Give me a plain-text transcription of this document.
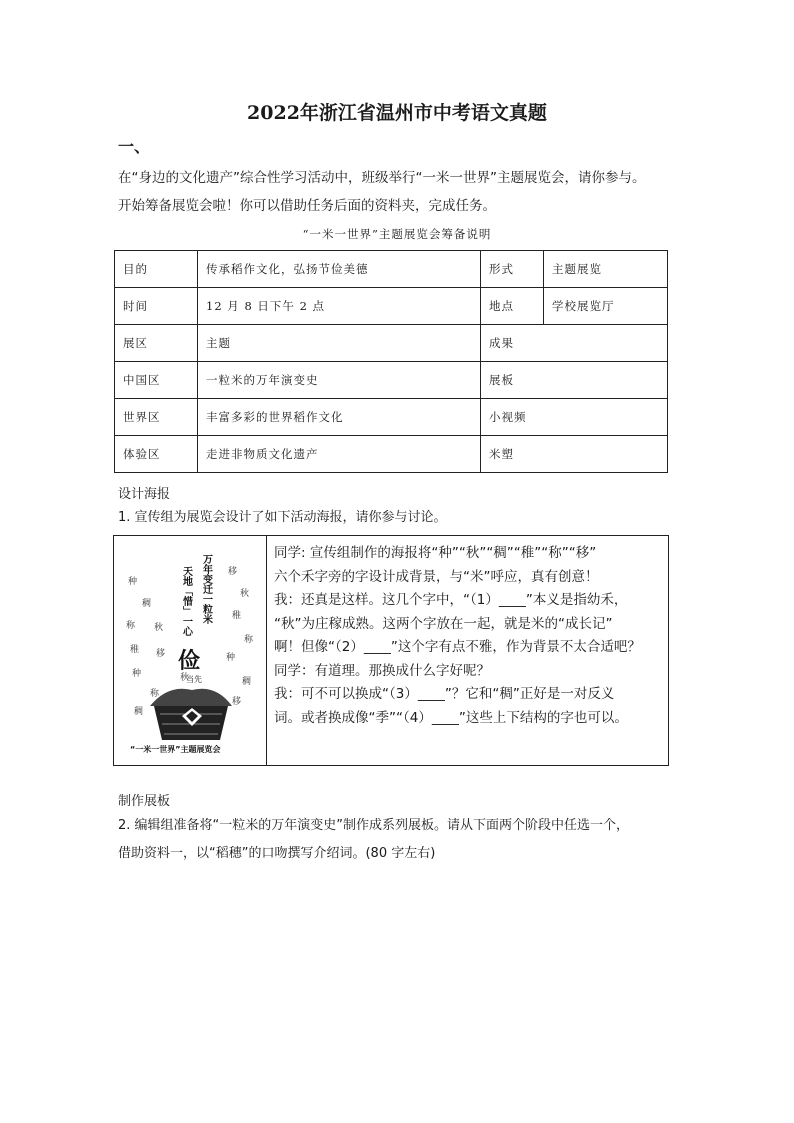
2022年浙江省温州市中考语文真题
一、
在“身边的文化遗产”综合性学习活动中，班级举行“一米一世界”主题展览会，请你参与。
开始筹备展览会啦！你可以借助任务后面的资料夹，完成任务。
“一米一世界”主题展览会筹备说明
目的	传承稻作文化，弘扬节俭美德	形式	主题展览
时间	12 月 8 日下午 2 点	地点	学校展览厅
展区	主题	成果	
中国区	一粒米的万年演变史	展板	
世界区	丰富多彩的世界稻作文化	小视频	
体验区	走进非物质文化遗产	米塑	
设计海报
1. 宣传组为展览会设计了如下活动海报，请你参与讨论。
种
稠
称 秋
稚 移
种
称
稠
移
秋
稚
称
种
稠
移
秋
万年变迁一粒米
天地「惜」一心
俭
当先
“一米一世界”主题展览会
同学: 宣传组制作的海报将“种”“秋”“稠”“稚”“称”“移”
六个禾字旁的字设计成背景，与“米”呼应，真有创意！
我：还真是这样。这几个字中，“（1）____”本义是指幼禾，
“秋”为庄稼成熟。这两个字放在一起，就是米的“成长记”
啊！但像“（2）____”这个字有点不雅，作为背景不太合适吧？
同学：有道理。那换成什么字好呢？
我：可不可以换成“（3）____”？它和“稠”正好是一对反义
词。或者换成像“季”“（4）____”这些上下结构的字也可以。
制作展板
2. 编辑组准备将“一粒米的万年演变史”制作成系列展板。请从下面两个阶段中任选一个，
借助资料一，以“稻穗”的口吻撰写介绍词。(80 字左右)
